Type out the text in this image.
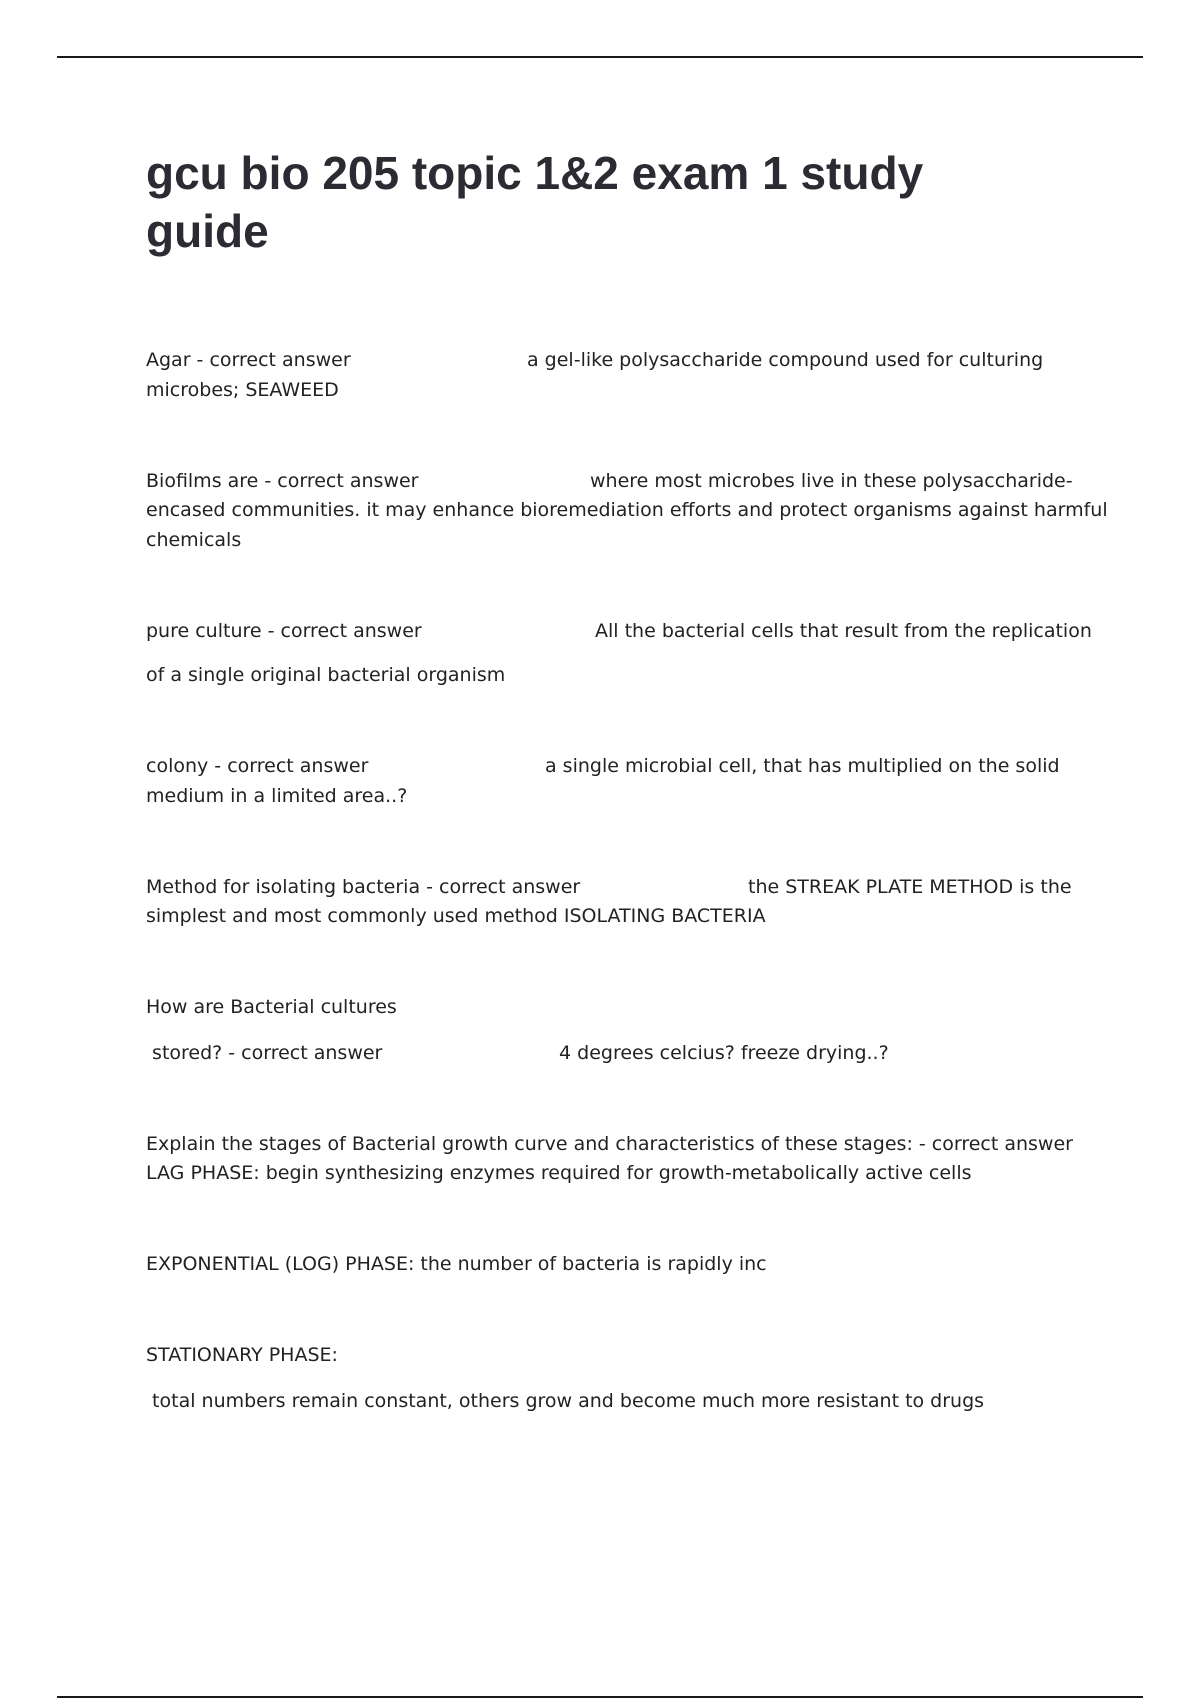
gcu bio 205 topic 1&2 exam 1 study guide
Agar - correct answer	a gel-like polysaccharide compound used for culturing
microbes; SEAWEED
Biofilms are - correct answer	where most microbes live in these polysaccharide-
encased communities. it may enhance bioremediation efforts and protect organisms against harmful
chemicals
pure culture - correct answer	All the bacterial cells that result from the replication
of a single original bacterial organism
colony - correct answer	a single microbial cell, that has multiplied on the solid
medium in a limited area..?
Method for isolating bacteria - correct answer	the STREAK PLATE METHOD is the
simplest and most commonly used method ISOLATING BACTERIA
How are Bacterial cultures
stored? - correct answer	4 degrees celcius? freeze drying..?
Explain the stages of Bacterial growth curve and characteristics of these stages: - correct answer
LAG PHASE: begin synthesizing enzymes required for growth-metabolically active cells
EXPONENTIAL (LOG) PHASE: the number of bacteria is rapidly inc
STATIONARY PHASE:
total numbers remain constant, others grow and become much more resistant to drugs
